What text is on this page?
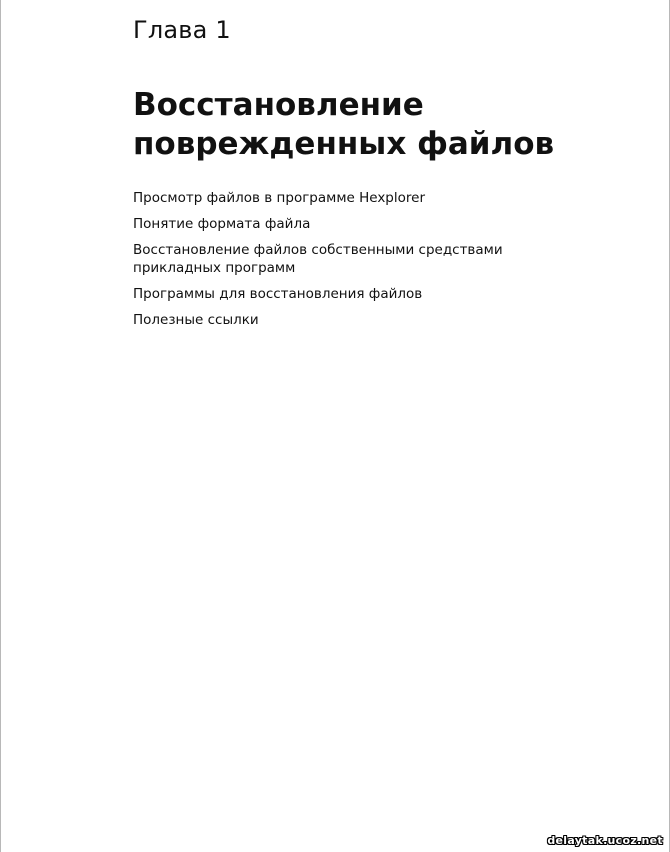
Глава 1
Восстановление
поврежденных файлов
Просмотр файлов в программе Hexplorer
Понятие формата файла
Восстановление файлов собственными средствами прикладных программ
Программы для восстановления файлов
Полезные ссылки
delaytak.ucoz.net
